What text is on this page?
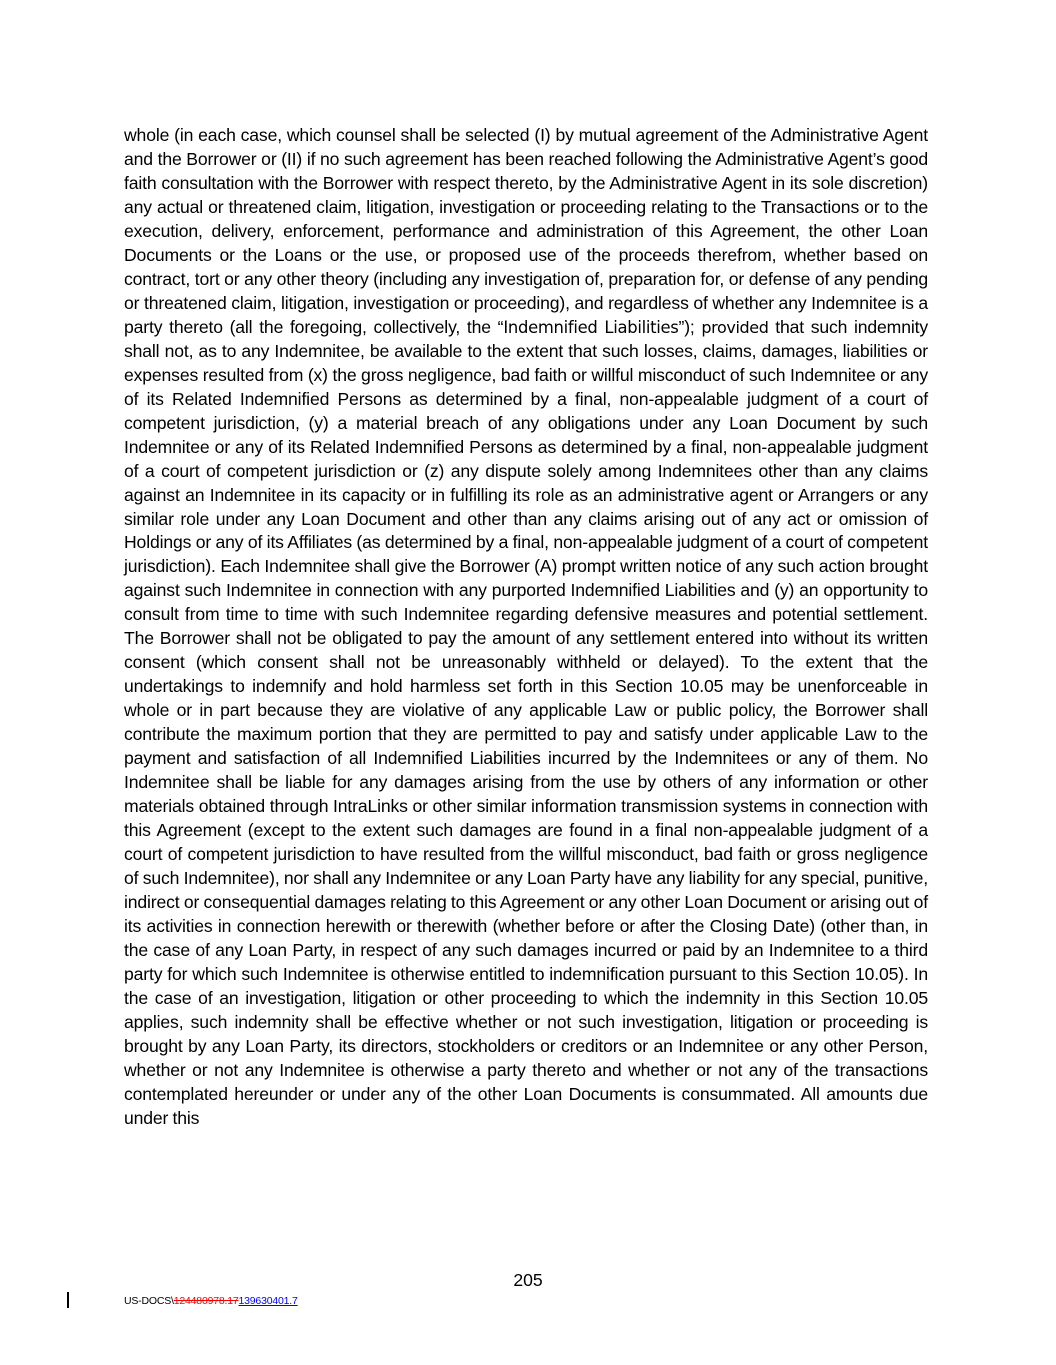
whole (in each case, which counsel shall be selected (I) by mutual agreement of the Administrative Agent and the Borrower or (II) if no such agreement has been reached following the Administrative Agent’s good faith consultation with the Borrower with respect thereto, by the Administrative Agent in its sole discretion) any actual or threatened claim, litigation, investigation or proceeding relating to the Transactions or to the execution, delivery, enforcement, performance and administration of this Agreement, the other Loan Documents or the Loans or the use, or proposed use of the proceeds therefrom, whether based on contract, tort or any other theory (including any investigation of, preparation for, or defense of any pending or threatened claim, litigation, investigation or proceeding), and regardless of whether any Indemnitee is a party thereto (all the foregoing, collectively, the “Indemnified Liabilities”); provided that such indemnity shall not, as to any Indemnitee, be available to the extent that such losses, claims, damages, liabilities or expenses resulted from (x) the gross negligence, bad faith or willful misconduct of such Indemnitee or any of its Related Indemnified Persons as determined by a final, non-appealable judgment of a court of competent jurisdiction, (y) a material breach of any obligations under any Loan Document by such Indemnitee or any of its Related Indemnified Persons as determined by a final, non-appealable judgment of a court of competent jurisdiction or (z) any dispute solely among Indemnitees other than any claims against an Indemnitee in its capacity or in fulfilling its role as an administrative agent or Arrangers or any similar role under any Loan Document and other than any claims arising out of any act or omission of Holdings or any of its Affiliates (as determined by a final, non-appealable judgment of a court of competent jurisdiction). Each Indemnitee shall give the Borrower (A) prompt written notice of any such action brought against such Indemnitee in connection with any purported Indemnified Liabilities and (y) an opportunity to consult from time to time with such Indemnitee regarding defensive measures and potential settlement. The Borrower shall not be obligated to pay the amount of any settlement entered into without its written consent (which consent shall not be unreasonably withheld or delayed). To the extent that the undertakings to indemnify and hold harmless set forth in this Section 10.05 may be unenforceable in whole or in part because they are violative of any applicable Law or public policy, the Borrower shall contribute the maximum portion that they are permitted to pay and satisfy under applicable Law to the payment and satisfaction of all Indemnified Liabilities incurred by the Indemnitees or any of them. No Indemnitee shall be liable for any damages arising from the use by others of any information or other materials obtained through IntraLinks or other similar information transmission systems in connection with this Agreement (except to the extent such damages are found in a final non-appealable judgment of a court of competent jurisdiction to have resulted from the willful misconduct, bad faith or gross negligence of such Indemnitee), nor shall any Indemnitee or any Loan Party have any liability for any special, punitive, indirect or consequential damages relating to this Agreement or any other Loan Document or arising out of its activities in connection herewith or therewith (whether before or after the Closing Date) (other than, in the case of any Loan Party, in respect of any such damages incurred or paid by an Indemnitee to a third party for which such Indemnitee is otherwise entitled to indemnification pursuant to this Section 10.05). In the case of an investigation, litigation or other proceeding to which the indemnity in this Section 10.05 applies, such indemnity shall be effective whether or not such investigation, litigation or proceeding is brought by any Loan Party, its directors, stockholders or creditors or an Indemnitee or any other Person, whether or not any Indemnitee is otherwise a party thereto and whether or not any of the transactions contemplated hereunder or under any of the other Loan Documents is consummated. All amounts due under this

205
US-DOCS\124480978.17139630401.7
